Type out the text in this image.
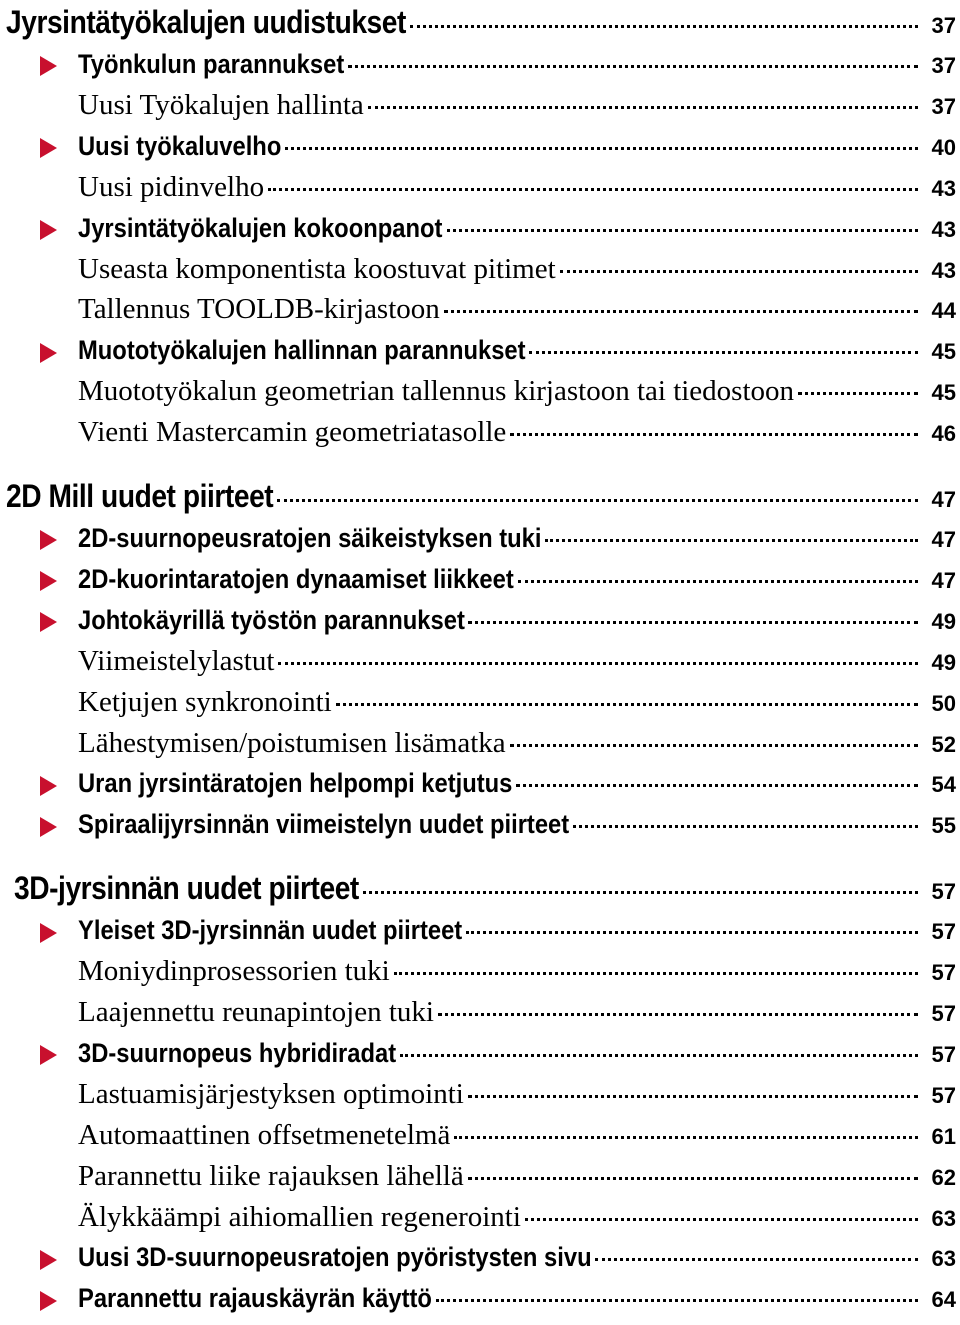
Jyrsintätyökalujen uudistukset	37
Työnkulun parannukset	37
Uusi Työkalujen hallinta	37
Uusi työkaluvelho	40
Uusi pidinvelho	43
Jyrsintätyökalujen kokoonpanot	43
Useasta komponentista koostuvat pitimet	43
Tallennus TOOLDB-kirjastoon	44
Muototyökalujen hallinnan parannukset	45
Muototyökalun geometrian tallennus kirjastoon tai tiedostoon	45
Vienti Mastercamin geometriatasolle	46
2D Mill uudet piirteet	47
2D-suurnopeusratojen säikeistyksen tuki	47
2D-kuorintaratojen dynaamiset liikkeet	47
Johtokäyrillä työstön parannukset	49
Viimeistelylastut	49
Ketjujen synkronointi	50
Lähestymisen/poistumisen lisämatka	52
Uran jyrsintäratojen helpompi ketjutus	54
Spiraalijyrsinnän viimeistelyn uudet piirteet	55
3D-jyrsinnän uudet piirteet	57
Yleiset 3D-jyrsinnän uudet piirteet	57
Moniydinprosessorien tuki	57
Laajennettu reunapintojen tuki	57
3D-suurnopeus hybridiradat	57
Lastuamisjärjestyksen optimointi	57
Automaattinen offsetmenetelmä	61
Parannettu liike rajauksen lähellä	62
Älykkäämpi aihiomallien regenerointi	63
Uusi 3D-suurnopeusratojen pyöristysten sivu	63
Parannettu rajauskäyrän käyttö	64
